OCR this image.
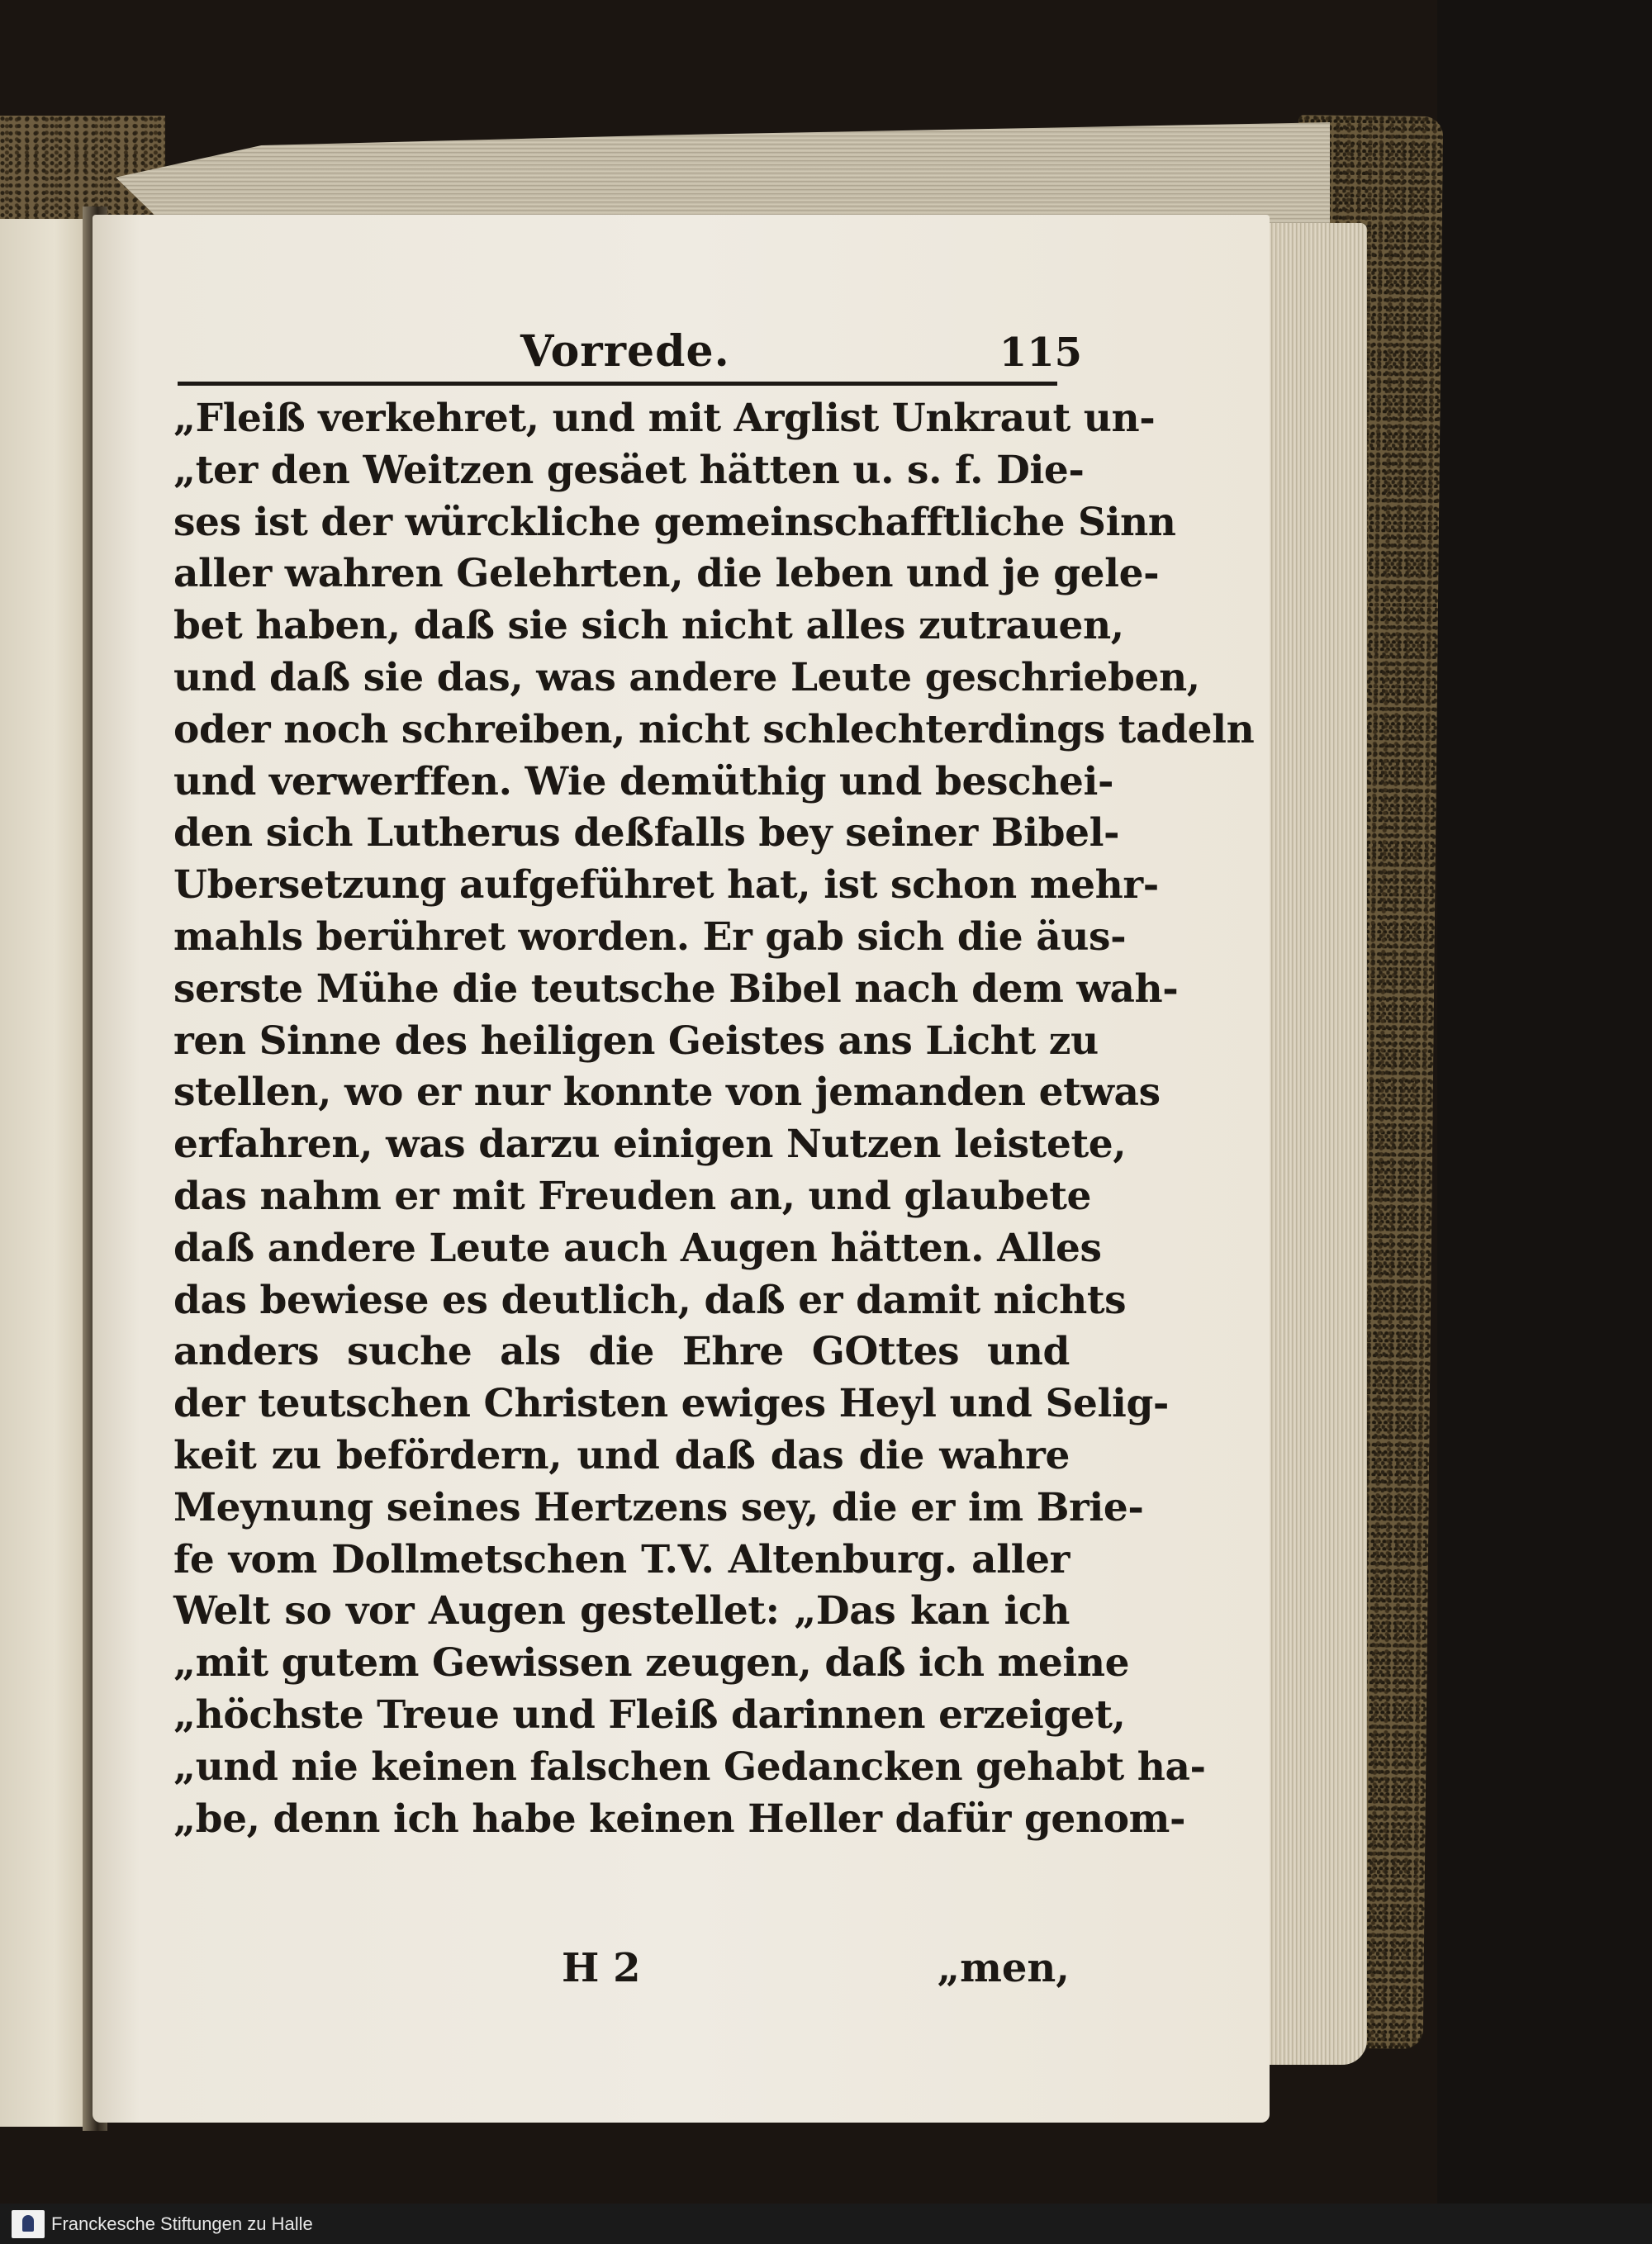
Vorrede.	115
„Fleiß verkehret, und mit Arglist Unkraut un-
„ter den Weitzen gesäet hätten u. s. f. Die-
ses ist der würckliche gemeinschafftliche Sinn
aller wahren Gelehrten, die leben und je gele-
bet haben, daß sie sich nicht alles zutrauen,
und daß sie das, was andere Leute geschrieben,
oder noch schreiben, nicht schlechterdings tadeln
und verwerffen. Wie demüthig und beschei-
den sich Lutherus deßfalls bey seiner Bibel-
Ubersetzung aufgeführet hat, ist schon mehr-
mahls berühret worden. Er gab sich die äus-
serste Mühe die teutsche Bibel nach dem wah-
ren Sinne des heiligen Geistes ans Licht zu
stellen, wo er nur konnte von jemanden etwas
erfahren, was darzu einigen Nutzen leistete,
das nahm er mit Freuden an, und glaubete
daß andere Leute auch Augen hätten. Alles
das bewiese es deutlich, daß er damit nichts
anders suche als die Ehre GOttes und
der teutschen Christen ewiges Heyl und Selig-
keit zu befördern, und daß das die wahre
Meynung seines Hertzens sey, die er im Brie-
fe vom Dollmetschen T.V. Altenburg. aller
Welt so vor Augen gestellet: „Das kan ich
„mit gutem Gewissen zeugen, daß ich meine
„höchste Treue und Fleiß darinnen erzeiget,
„und nie keinen falschen Gedancken gehabt ha-
„be, denn ich habe keinen Heller dafür genom-
H 2	„men,
Franckesche Stiftungen zu Halle
